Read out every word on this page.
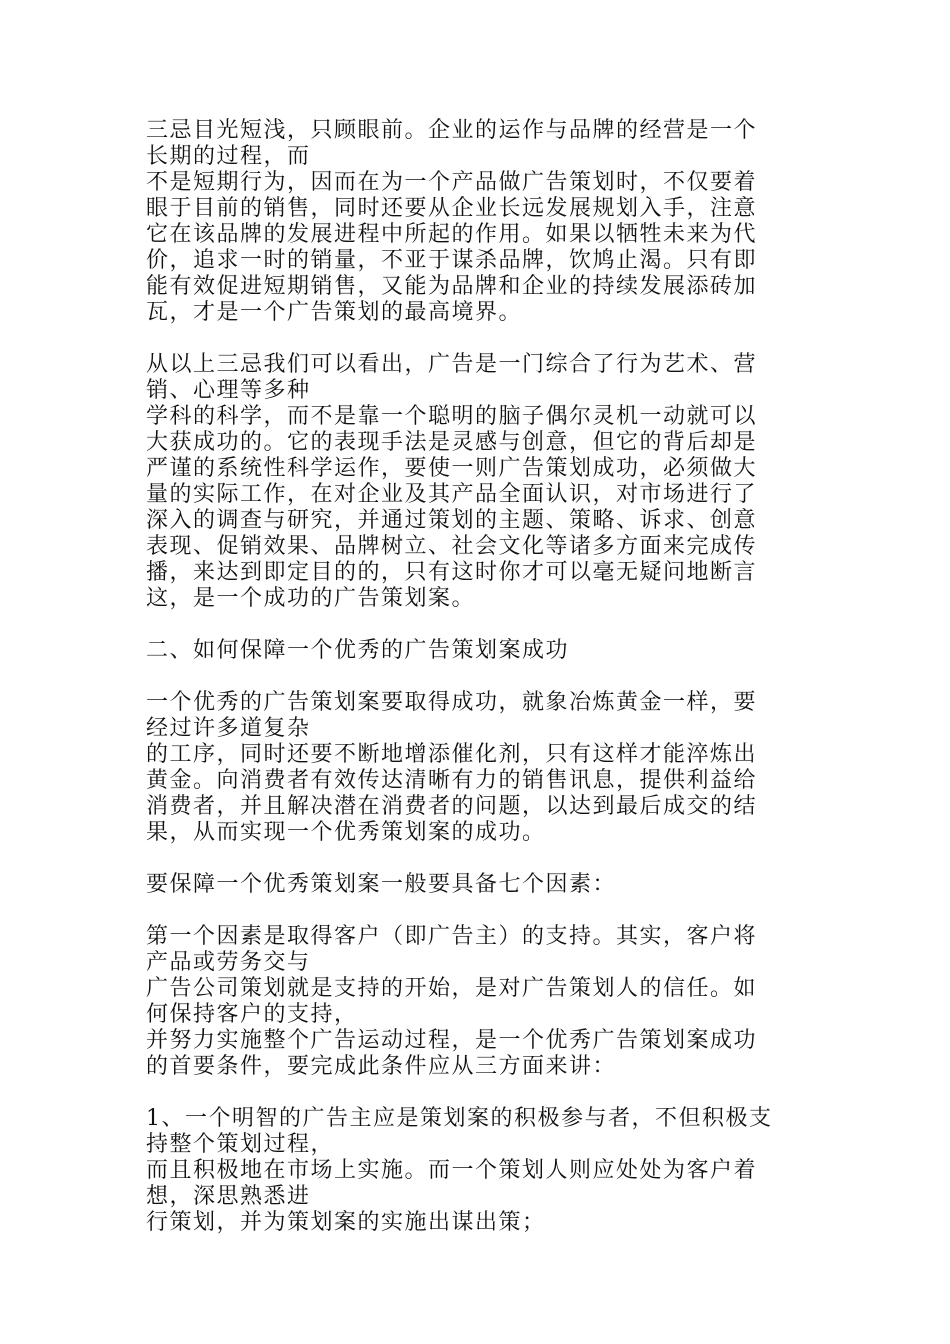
三忌目光短浅，只顾眼前。企业的运作与品牌的经营是一个
长期的过程，而
不是短期行为，因而在为一个产品做广告策划时，不仅要着
眼于目前的销售，同时还要从企业长远发展规划入手，注意
它在该品牌的发展进程中所起的作用。如果以牺牲未来为代
价，追求一时的销量，不亚于谋杀品牌，饮鸠止渴。只有即
能有效促进短期销售，又能为品牌和企业的持续发展添砖加
瓦，才是一个广告策划的最高境界。
从以上三忌我们可以看出，广告是一门综合了行为艺术、营
销、心理等多种
学科的科学，而不是靠一个聪明的脑子偶尔灵机一动就可以
大获成功的。它的表现手法是灵感与创意，但它的背后却是
严谨的系统性科学运作，要使一则广告策划成功，必须做大
量的实际工作，在对企业及其产品全面认识，对市场进行了
深入的调查与研究，并通过策划的主题、策略、诉求、创意
表现、促销效果、品牌树立、社会文化等诸多方面来完成传
播，来达到即定目的的，只有这时你才可以毫无疑问地断言
这，是一个成功的广告策划案。
二、如何保障一个优秀的广告策划案成功
一个优秀的广告策划案要取得成功，就象冶炼黄金一样，要
经过许多道复杂
的工序，同时还要不断地增添催化剂，只有这样才能淬炼出
黄金。向消费者有效传达清晰有力的销售讯息，提供利益给
消费者，并且解决潜在消费者的问题，以达到最后成交的结
果，从而实现一个优秀策划案的成功。
要保障一个优秀策划案一般要具备七个因素：
第一个因素是取得客户（即广告主）的支持。其实，客户将
产品或劳务交与
广告公司策划就是支持的开始，是对广告策划人的信任。如
何保持客户的支持，
并努力实施整个广告运动过程，是一个优秀广告策划案成功
的首要条件，要完成此条件应从三方面来讲：
1、一个明智的广告主应是策划案的积极参与者，不但积极支
持整个策划过程，
而且积极地在市场上实施。而一个策划人则应处处为客户着
想，深思熟悉进
行策划，并为策划案的实施出谋出策；
